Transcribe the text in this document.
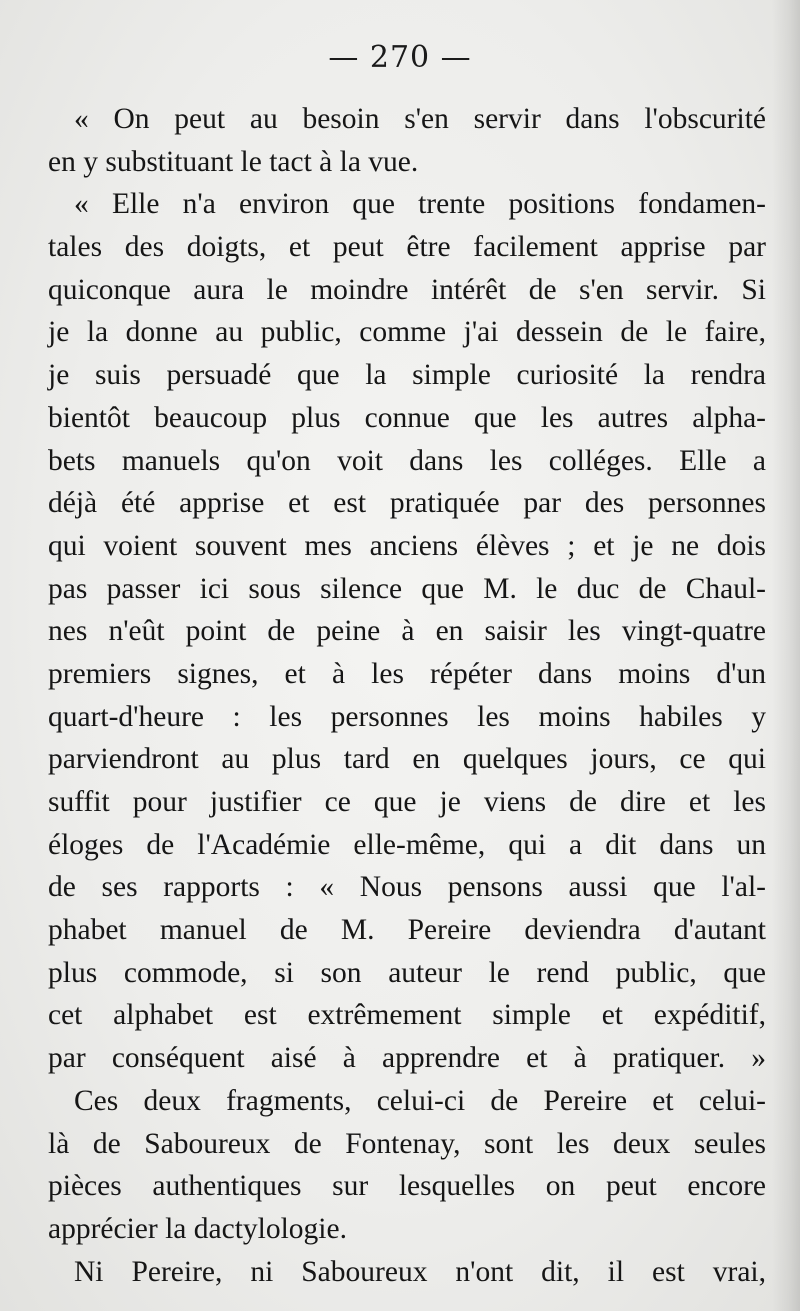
— 270 —
« On peut au besoin s'en servir dans l'obscurité
en y substituant le tact à la vue.
« Elle n'a environ que trente positions fondamen-
tales des doigts, et peut être facilement apprise par
quiconque aura le moindre intérêt de s'en servir. Si
je la donne au public, comme j'ai dessein de le faire,
je suis persuadé que la simple curiosité la rendra
bientôt beaucoup plus connue que les autres alpha-
bets manuels qu'on voit dans les colléges. Elle a
déjà été apprise et est pratiquée par des personnes
qui voient souvent mes anciens élèves ; et je ne dois
pas passer ici sous silence que M. le duc de Chaul-
nes n'eût point de peine à en saisir les vingt-quatre
premiers signes, et à les répéter dans moins d'un
quart-d'heure : les personnes les moins habiles y
parviendront au plus tard en quelques jours, ce qui
suffit pour justifier ce que je viens de dire et les
éloges de l'Académie elle-même, qui a dit dans un
de ses rapports : « Nous pensons aussi que l'al-
phabet manuel de M. Pereire deviendra d'autant
plus commode, si son auteur le rend public, que
cet alphabet est extrêmement simple et expéditif,
par conséquent aisé à apprendre et à pratiquer. »
Ces deux fragments, celui-ci de Pereire et celui-
là de Saboureux de Fontenay, sont les deux seules
pièces authentiques sur lesquelles on peut encore
apprécier la dactylologie.
Ni Pereire, ni Saboureux n'ont dit, il est vrai,
